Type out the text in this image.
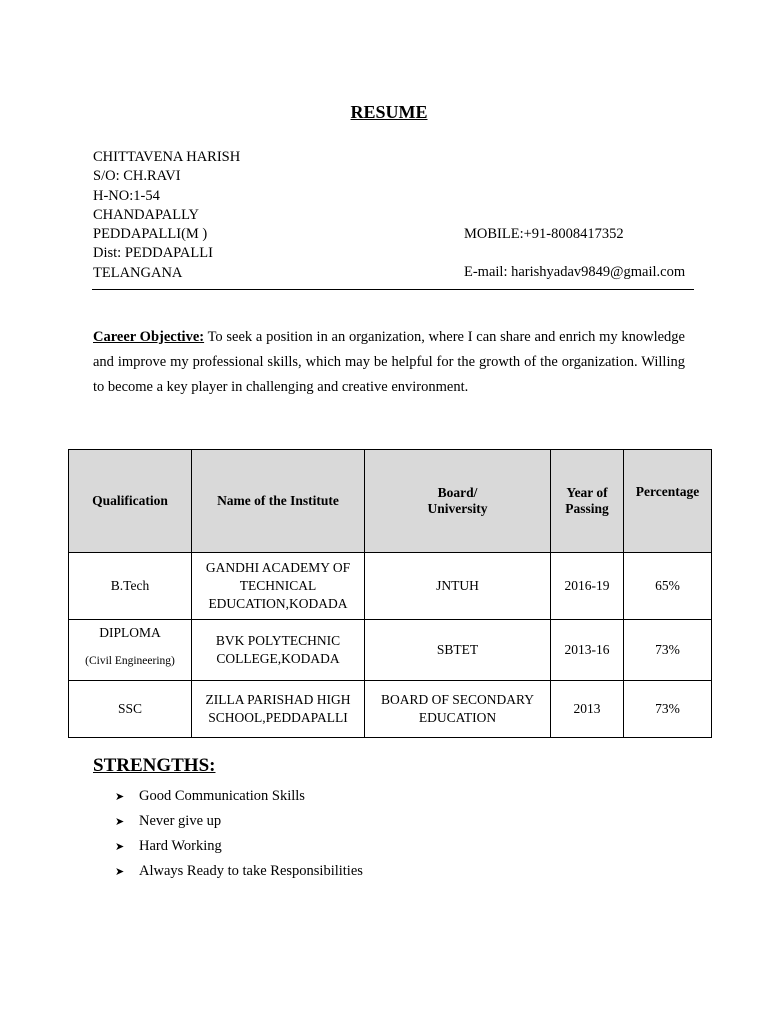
RESUME
CHITTAVENA HARISH
S/O: CH.RAVI
H-NO:1-54
CHANDAPALLY
PEDDAPALLI(M )
Dist: PEDDAPALLI
TELANGANA
MOBILE:+91-8008417352
E-mail: harishyadav9849@gmail.com
Career Objective: To seek a position in an organization, where I can share and enrich my knowledge and improve my professional skills, which may be helpful for the growth of the organization. Willing to become a key player in challenging and creative environment.
Qualification	Name of the Institute	Board/ University	Year of Passing	Percentage
B.Tech	GANDHI ACADEMY OF TECHNICAL EDUCATION,KODADA	JNTUH	2016-19	65%
DIPLOMA
(Civil Engineering)	BVK POLYTECHNIC COLLEGE,KODADA	SBTET	2013-16	73%
SSC	ZILLA PARISHAD HIGH SCHOOL,PEDDAPALLI	BOARD OF SECONDARY EDUCATION	2013	73%
STRENGTHS:
➤ Good Communication Skills
➤ Never give up
➤ Hard Working
➤ Always Ready to take Responsibilities
